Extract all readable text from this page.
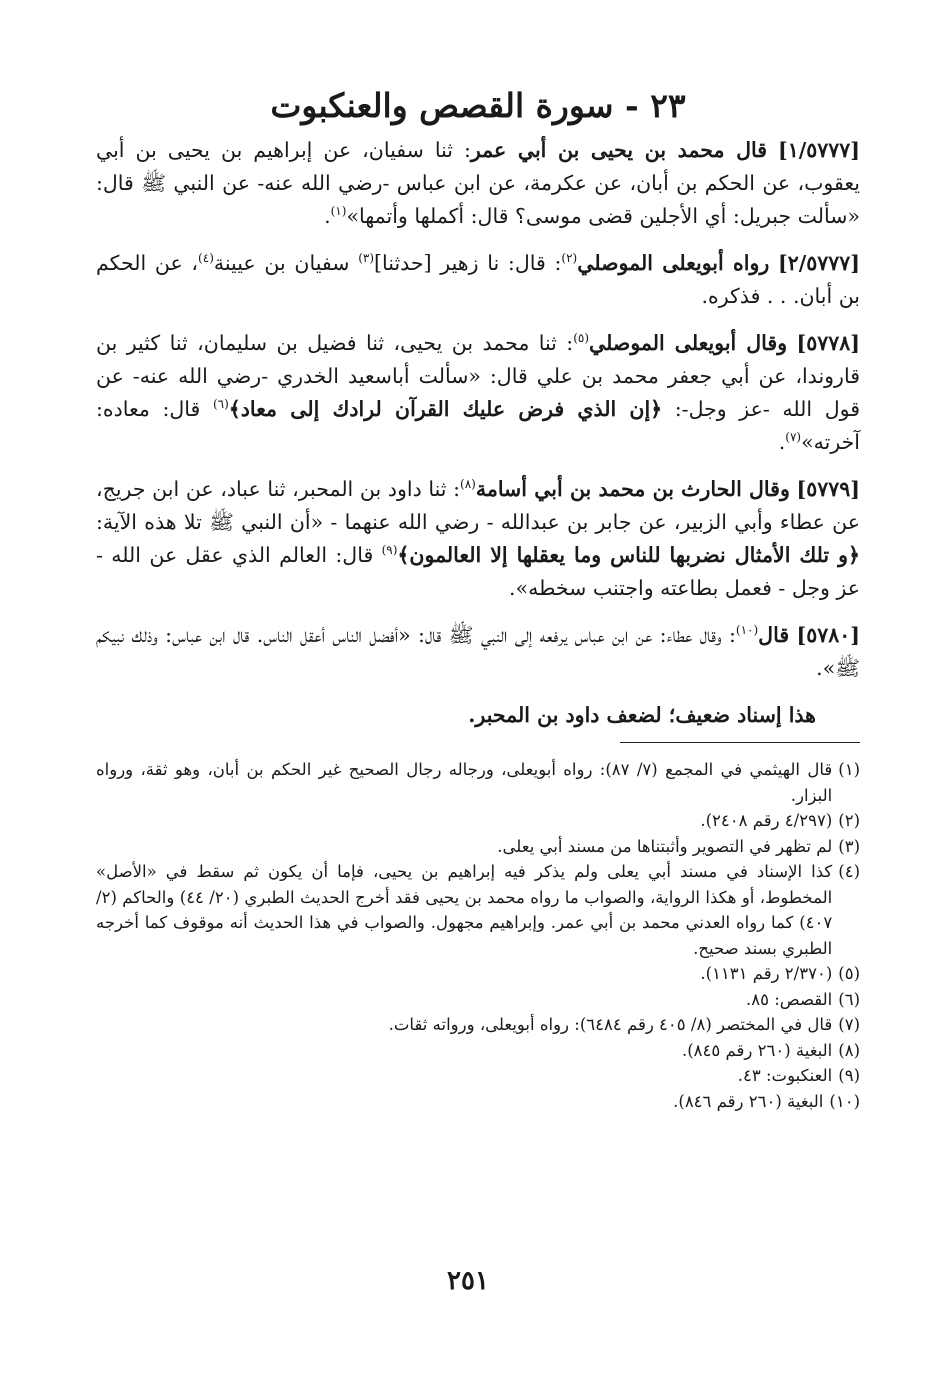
٢٣ - سورة القصص والعنكبوت
[١/٥٧٧٧] قال محمد بن يحيى بن أبي عمر: ثنا سفيان، عن إبراهيم بن يحيى بن أبي يعقوب، عن الحكم بن أبان، عن عكرمة، عن ابن عباس -رضي الله عنه- عن النبي ﷺ قال: «سألت جبريل: أي الأجلين قضى موسى؟ قال: أكملها وأتمها»$^{(١)}$.
[٢/٥٧٧٧] رواه أبويعلى الموصلي$^{(٢)}$: قال: نا زهير [حدثنا]$^{(٣)}$ سفيان بن عيينة$^{(٤)}$، عن الحكم بن أبان. . . فذكره.
[٥٧٧٨] وقال أبويعلى الموصلي$^{(٥)}$: ثنا محمد بن يحيى، ثنا فضيل بن سليمان، ثنا كثير بن قاروندا، عن أبي جعفر محمد بن علي قال: «سألت أباسعيد الخدري -رضي الله عنه- عن قول الله -عز وجل-: ﴿إن الذي فرض عليك القرآن لرادك إلى معاد﴾$^{(٦)}$ قال: معاده: آخرته»$^{(٧)}$.
[٥٧٧٩] وقال الحارث بن محمد بن أبي أسامة$^{(٨)}$: ثنا داود بن المحبر، ثنا عباد، عن ابن جريج، عن عطاء وأبي الزبير، عن جابر بن عبدالله - رضي الله عنهما - «أن النبي ﷺ تلا هذه الآية: ﴿و تلك الأمثال نضربها للناس وما يعقلها إلا العالمون﴾$^{(٩)}$ قال: العالم الذي عقل عن الله - عز وجل - فعمل بطاعته واجتنب سخطه».
[٥٧٨٠] قال$^{(١٠)}$: وقال عطاء: عن ابن عباس يرفعه إلى النبي ﷺ قال: «أفضل الناس أعقل الناس. قال ابن عباس: وذلك نبيكم ﷺ».
هذا إسناد ضعيف؛ لضعف داود بن المحبر.
(١)
قال الهيثمي في المجمع (٧/ ٨٧): رواه أبويعلى، ورجاله رجال الصحيح غير الحكم بن أبان، وهو ثقة، ورواه البزار.
(٢)
(٤/٢٩٧ رقم ٢٤٠٨).
(٣)
لم تظهر في التصوير وأثبتناها من مسند أبي يعلى.
(٤)
كذا الإسناد في مسند أبي يعلى ولم يذكر فيه إبراهيم بن يحيى، فإما أن يكون ثم سقط في «الأصل» المخطوط، أو هكذا الرواية، والصواب ما رواه محمد بن يحيى فقد أخرج الحديث الطبري (٢٠/ ٤٤) والحاكم (٢/ ٤٠٧) كما رواه العدني محمد بن أبي عمر. وإبراهيم مجهول. والصواب في هذا الحديث أنه موقوف كما أخرجه الطبري بسند صحيح.
(٥)
(٢/٣٧٠ رقم ١١٣١).
(٦)
القصص: ٨٥.
(٧)
قال في المختصر (٨/ ٤٠٥ رقم ٦٤٨٤): رواه أبويعلى، ورواته ثقات.
(٨)
البغية (٢٦٠ رقم ٨٤٥).
(٩)
العنكبوت: ٤٣.
(١٠)
البغية (٢٦٠ رقم ٨٤٦).
٢٥١
